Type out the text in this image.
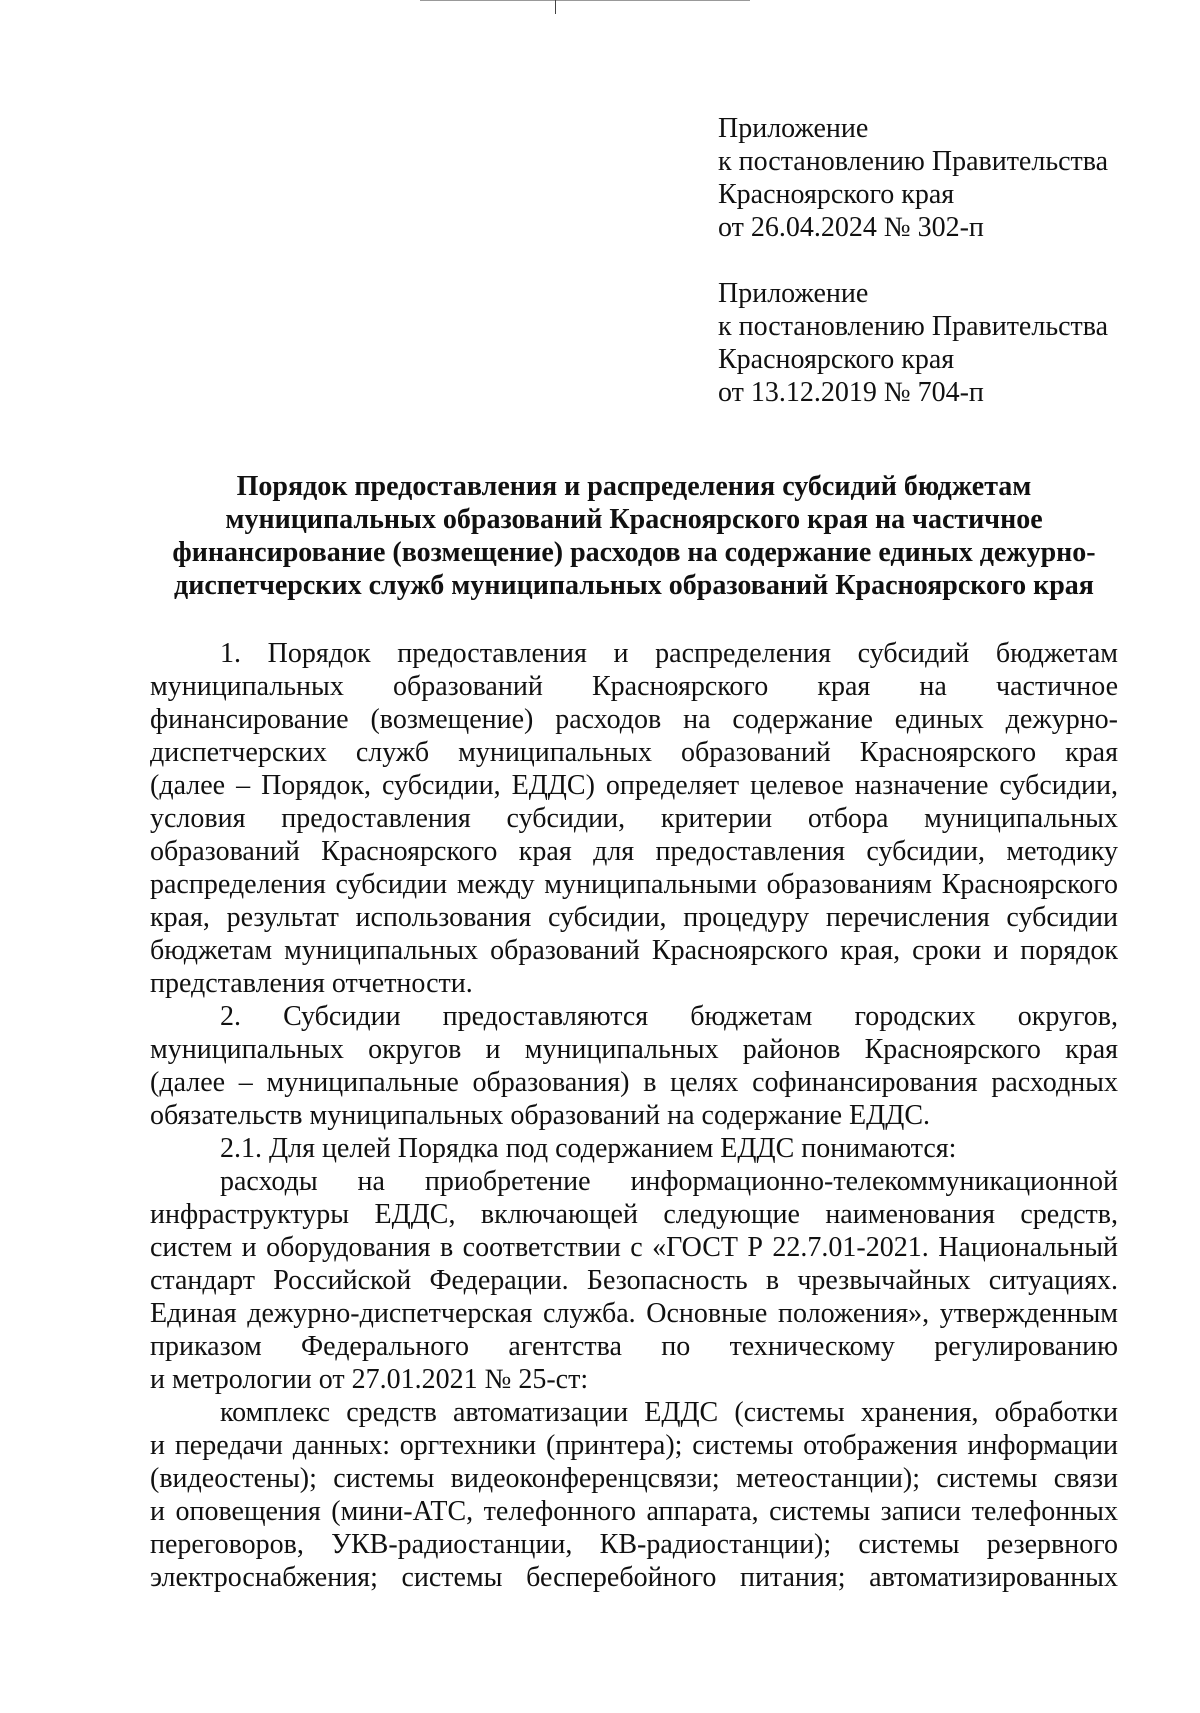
Приложение
к постановлению Правительства
Красноярского края
от 26.04.2024 № 302-п
Приложение
к постановлению Правительства
Красноярского края
от 13.12.2019 № 704-п
Порядок предоставления и распределения субсидий бюджетам
муниципальных образований Красноярского края на частичное
финансирование (возмещение) расходов на содержание единых дежурно-
диспетчерских служб муниципальных образований Красноярского края
1. Порядок предоставления и распределения субсидий бюджетам
муниципальных образований Красноярского края на частичное
финансирование (возмещение) расходов на содержание единых дежурно-
диспетчерских служб муниципальных образований Красноярского края
(далее – Порядок, субсидии, ЕДДС) определяет целевое назначение субсидии,
условия предоставления субсидии, критерии отбора муниципальных
образований Красноярского края для предоставления субсидии, методику
распределения субсидии между муниципальными образованиям Красноярского
края, результат использования субсидии, процедуру перечисления субсидии
бюджетам муниципальных образований Красноярского края, сроки и порядок
представления отчетности.
2. Субсидии предоставляются бюджетам городских округов,
муниципальных округов и муниципальных районов Красноярского края
(далее – муниципальные образования) в целях софинансирования расходных
обязательств муниципальных образований на содержание ЕДДС.
2.1. Для целей Порядка под содержанием ЕДДС понимаются:
расходы на приобретение информационно-телекоммуникационной
инфраструктуры ЕДДС, включающей следующие наименования средств,
систем и оборудования в соответствии с «ГОСТ Р 22.7.01-2021. Национальный
стандарт Российской Федерации. Безопасность в чрезвычайных ситуациях.
Единая дежурно-диспетчерская служба. Основные положения», утвержденным
приказом Федерального агентства по техническому регулированию
и метрологии от 27.01.2021 № 25-ст:
комплекс средств автоматизации ЕДДС (системы хранения, обработки
и передачи данных: оргтехники (принтера); системы отображения информации
(видеостены); системы видеоконференцсвязи; метеостанции); системы связи
и оповещения (мини-АТС, телефонного аппарата, системы записи телефонных
переговоров, УКВ-радиостанции, КВ-радиостанции); системы резервного
электроснабжения; системы бесперебойного питания; автоматизированных
